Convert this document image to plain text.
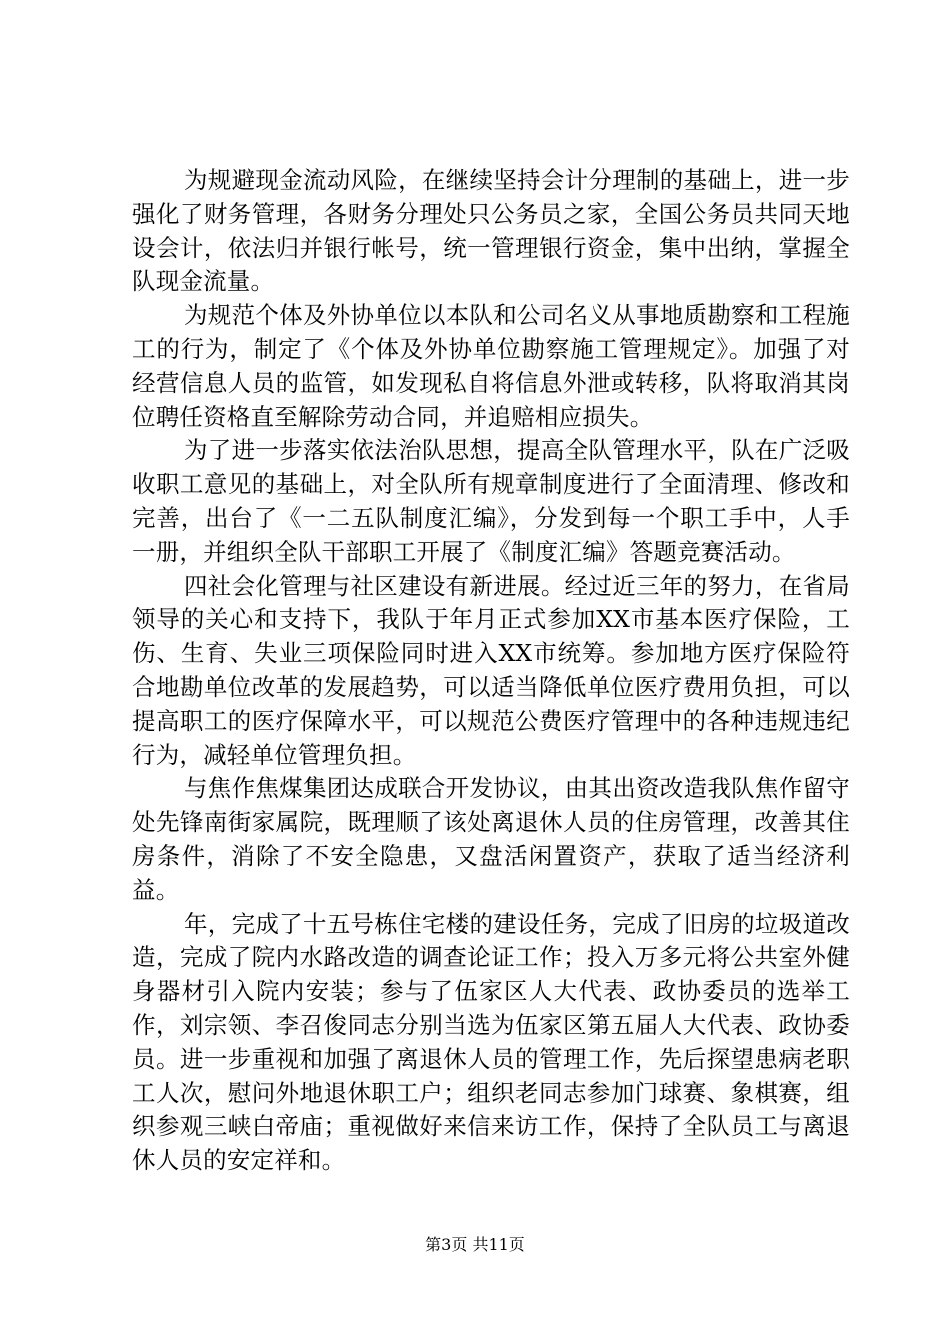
为规避现金流动风险，在继续坚持会计分理制的基础上，进一步强化了财务管理，各财务分理处只公务员之家，全国公务员共同天地设会计，依法归并银行帐号，统一管理银行资金，集中出纳，掌握全队现金流量。

为规范个体及外协单位以本队和公司名义从事地质勘察和工程施工的行为，制定了《个体及外协单位勘察施工管理规定》。加强了对经营信息人员的监管，如发现私自将信息外泄或转移，队将取消其岗位聘任资格直至解除劳动合同，并追赔相应损失。

为了进一步落实依法治队思想，提高全队管理水平，队在广泛吸收职工意见的基础上，对全队所有规章制度进行了全面清理、修改和完善，出台了《一二五队制度汇编》，分发到每一个职工手中，人手一册，并组织全队干部职工开展了《制度汇编》答题竞赛活动。

四社会化管理与社区建设有新进展。经过近三年的努力，在省局领导的关心和支持下，我队于年月正式参加XX市基本医疗保险，工伤、生育、失业三项保险同时进入XX市统筹。参加地方医疗保险符合地勘单位改革的发展趋势，可以适当降低单位医疗费用负担，可以提高职工的医疗保障水平，可以规范公费医疗管理中的各种违规违纪行为，减轻单位管理负担。

与焦作焦煤集团达成联合开发协议，由其出资改造我队焦作留守处先锋南街家属院，既理顺了该处离退休人员的住房管理，改善其住房条件，消除了不安全隐患，又盘活闲置资产，获取了适当经济利益。

年，完成了十五号栋住宅楼的建设任务，完成了旧房的垃圾道改造，完成了院内水路改造的调查论证工作；投入万多元将公共室外健身器材引入院内安装；参与了伍家区人大代表、政协委员的选举工作，刘宗领、李召俊同志分别当选为伍家区第五届人大代表、政协委员。进一步重视和加强了离退休人员的管理工作，先后探望患病老职工人次，慰问外地退休职工户；组织老同志参加门球赛、象棋赛，组织参观三峡白帝庙；重视做好来信来访工作，保持了全队员工与离退休人员的安定祥和。

第3页 共11页
